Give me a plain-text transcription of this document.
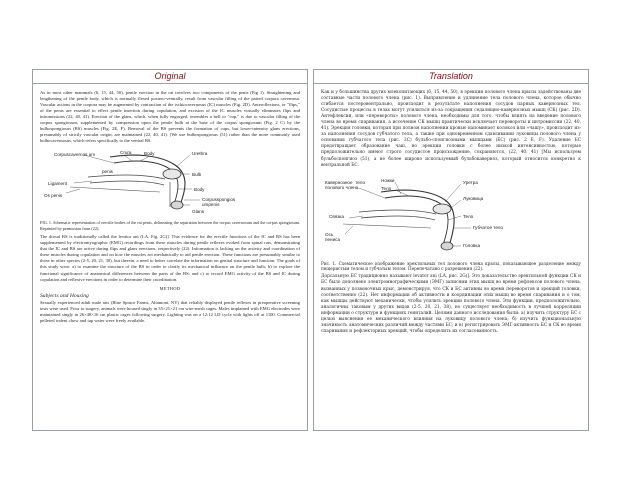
Original

As in most other mammals (6, 15, 44, 50), penile erection in the rat involves two components of the penis (Fig 1). Straightening and lengthening of the penile body, which is normally flexed postero-ventrally, result from vascular filling of the paired corpora cavernosa. Vascular actions in the corpora may be augmented by contraction of the ischiocavernosus (IC) muscles (Fig. 2D). Anteroflexions, or "flips," of the penis are essential to effect penile insertion during copulation, and excision of the IC muscles virtually eliminates flips and intromissions (22, 40, 41). Erection of the glans, which, when fully engorged, resembles a bell or "cup," is due to vascular filling of the corpus spongiosum, supplemented by compression upon the penile bulb at the base of the corpus spongiosum (Fig. 2 C) by the bulbospongiosus (BS) muscles (Fig. 2E, F). Removal of the BS prevents the formation of cups, but lower-intensity glans erections, presumably of strictly vascular origin, are maintained (22, 40, 41). [We use bulbospongiosus (51) rather than the more commonly used bulbocavernosus, which refers specifically to the ventral BS.

Corpuscavernos um	Crura	Body	Urethra
penis
Bulb
Ligament
Body
Os penis
Corpusspongios umpenis
Glans

FIG. 1. Schematic representation of erectile bodies of the rat penis, delineating the separation between the corpus cavernosum and the corpus spongiosum. Reprinted by permission from (22).

The dorsal BS is traditionally called the levator ani (LA, Fig. 2G)]. This evidence for the erectile functions of the IC and BS has been supplemented by electromyographic (EMG) recordings from these muscles during penile reflexes evoked from spinal rats, demonstrating that the IC and BS are active during flips and glans erections, respectively (22). Information is lacking on the activity and coordination of these muscles during copulation and on how the muscles act mechanically to aid penile erection. These functions are presumably similar to those in other species (2-5, 20, 21, 38), but therein, a need to better correlate the information on genital structure and function. The goals of this study were: a) to examine the structure of the BS in order to clarify its mechanical influence on the penile bulb; b) to explore the functional significance of anatomical differences between the parts of the BS; and c) to record EMG activity of the BS and IC during copulation and reflexive erections in order to determine their coordination.

METHOD

Subjects and Housing

Sexually experienced adult male rats (Blue Spruce Farms, Altamont, NY) that reliably displayed penile reflexes in preoperative screening tests were used. Prior to surgery, animals were housed singly in 35×21×21 cm wire-mesh cages. Males implanted with EMG electrodes were maintained singly in 26×48×16 cm plastic cages following surgery. Lighting was on a 12:12 LD cycle with lights off at 1100. Commercial pelleted rodent chow and tap water were freely available.

Translation

Как и у большинства других млекопитающих (6, 15, 44, 50), в эрекции полового члена крысы задействованы две составные части полового члена (рис. 1). Выпрямление и удлинение тела полового члена, которое обычно сгибается постеровентрально, происходит в результате наполнения сосудов парных кавернозных тел. Сосудистые процессы в телах могут усилиться из-за сокращения седалищно-кавернозных мышц (СК) (рис. 2D). Антефлексии, или «перевороты» полового члена, необходимы для того, чтобы влиять на введение полового члена во время спаривания, а иссечение СК мышц практически исключает перевороты и интромиссии (22, 40, 41). Эрекция головки, которая при полном наполнении кровью напоминает колокол или «чашу», происходит из-за наполнения сосудов губчатого тела, а также при одновременном сдавливании луковицы полового члена у основания губчатого тела (рис. 2C) бульбо-спонгиозными мышцами (БС) (рис. 2 E, F). Удаление БС предотвращает образование чаш, но эрекции головки с более низкой интенсивностью, которые предположительно имеют строго сосудистое происхождение, сохраняются, (22, 40, 41) [Мы используем бульбоспонгиоз (51), а не более широко используемый бульбокаверноз, который относится конкретно к вентральной БС.

Кавернозное тело полового члена
Ножки
Тело
Уретра
Луковица
Тело
Связка
Губчатое тело
Ось пениса
Головка

Рис. 1. Схематическое изображение эректильных тел полового члена крысы, показывающее разделение между пещеристым телом и губчатым телом. Перепечатано с разрешения (22).

Дорсальную БС традиционно называют levator ani (LA, рис. 2G)]. Это доказательство эректильной функции СК и БС было дополнено электромиографическими (ЭМГ) записями этих мышц во время рефлексов полового члена, вызванных у позвоночных крыс, демонстрируя, что СК и БС активны во время переворотов и эрекций головки, соответственно (22). Нет информации об активности и координации этих мышц во время спаривания и о том, как мышцы действуют механически, чтобы усилить эрекции полового члена. Эти функции, предположительно, аналогичны таковым у других видов (2-5, 20, 21, 38), но существует необходимость в лучшей корреляции информации о структуре и функциях гениталий. Целями данного исследования были: а) изучить структуру БС с целью выяснения ее механического влияния на луковицу полового члена; б) изучить функциональную значимость анатомических различий между частями БС; и в) регистрировать ЭМГ-активность БС и СК во время спаривания и рефлекторных эрекций, чтобы определить их согласованность.
